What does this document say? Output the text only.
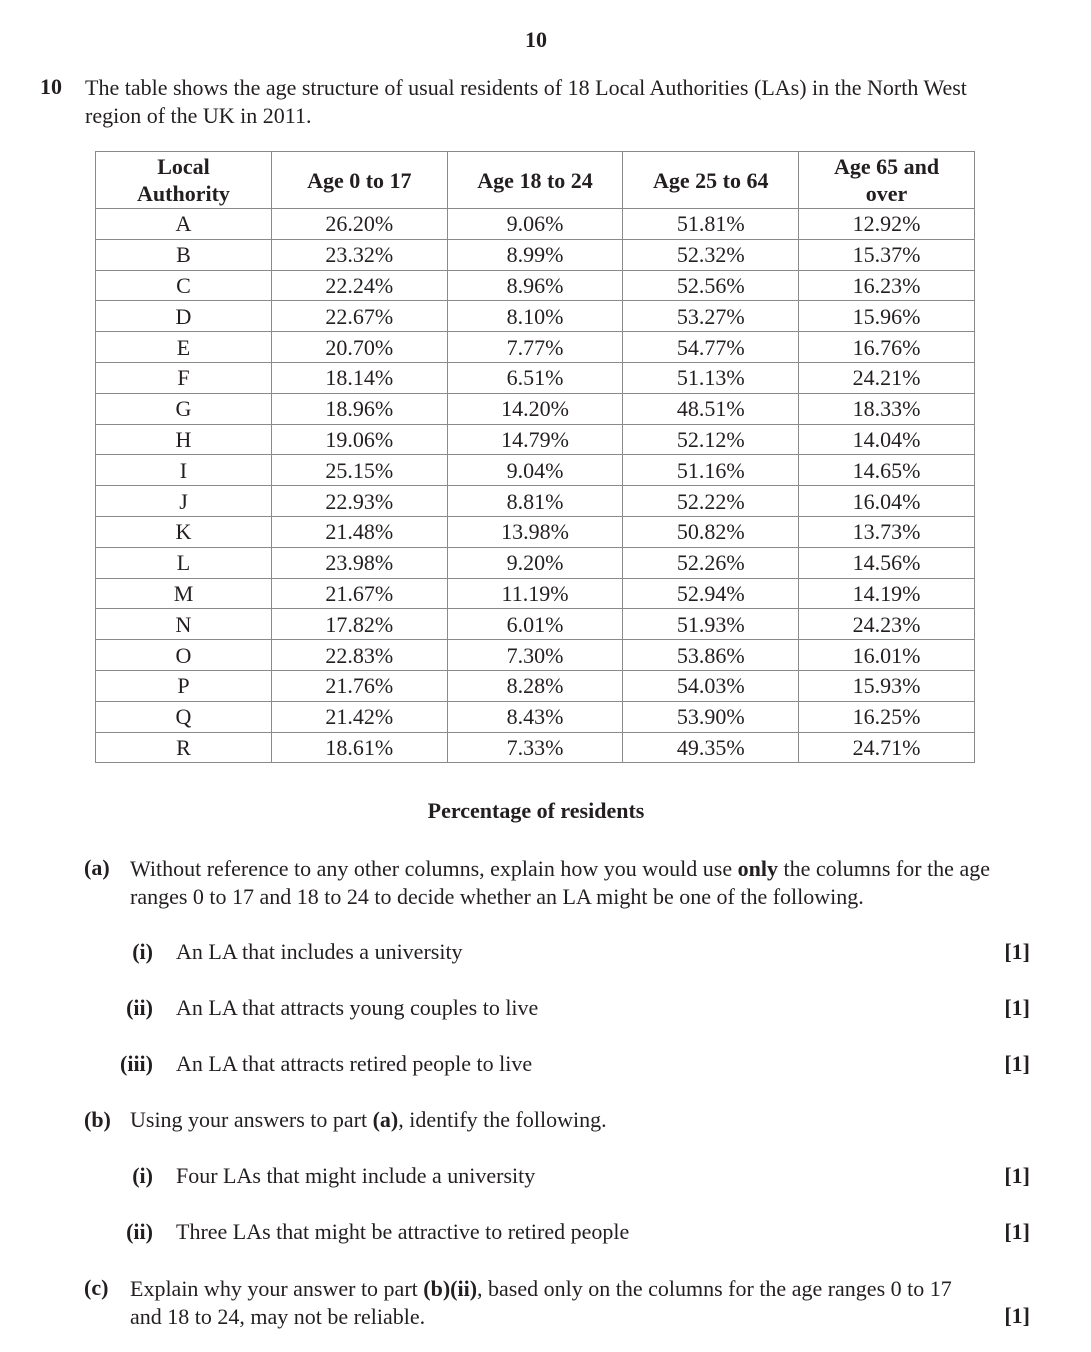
10
10 The table shows the age structure of usual residents of 18 Local Authorities (LAs) in the North West region of the UK in 2011.
Local Authority	Age 0 to 17	Age 18 to 24	Age 25 to 64	Age 65 and over
A	26.20%	9.06%	51.81%	12.92%
B	23.32%	8.99%	52.32%	15.37%
C	22.24%	8.96%	52.56%	16.23%
D	22.67%	8.10%	53.27%	15.96%
E	20.70%	7.77%	54.77%	16.76%
F	18.14%	6.51%	51.13%	24.21%
G	18.96%	14.20%	48.51%	18.33%
H	19.06%	14.79%	52.12%	14.04%
I	25.15%	9.04%	51.16%	14.65%
J	22.93%	8.81%	52.22%	16.04%
K	21.48%	13.98%	50.82%	13.73%
L	23.98%	9.20%	52.26%	14.56%
M	21.67%	11.19%	52.94%	14.19%
N	17.82%	6.01%	51.93%	24.23%
O	22.83%	7.30%	53.86%	16.01%
P	21.76%	8.28%	54.03%	15.93%
Q	21.42%	8.43%	53.90%	16.25%
R	18.61%	7.33%	49.35%	24.71%
Percentage of residents
(a) Without reference to any other columns, explain how you would use only the columns for the age ranges 0 to 17 and 18 to 24 to decide whether an LA might be one of the following.
(i) An LA that includes a university	[1]
(ii) An LA that attracts young couples to live	[1]
(iii) An LA that attracts retired people to live	[1]
(b) Using your answers to part (a), identify the following.
(i) Four LAs that might include a university	[1]
(ii) Three LAs that might be attractive to retired people	[1]
(c) Explain why your answer to part (b)(ii), based only on the columns for the age ranges 0 to 17
and 18 to 24, may not be reliable.	[1]
